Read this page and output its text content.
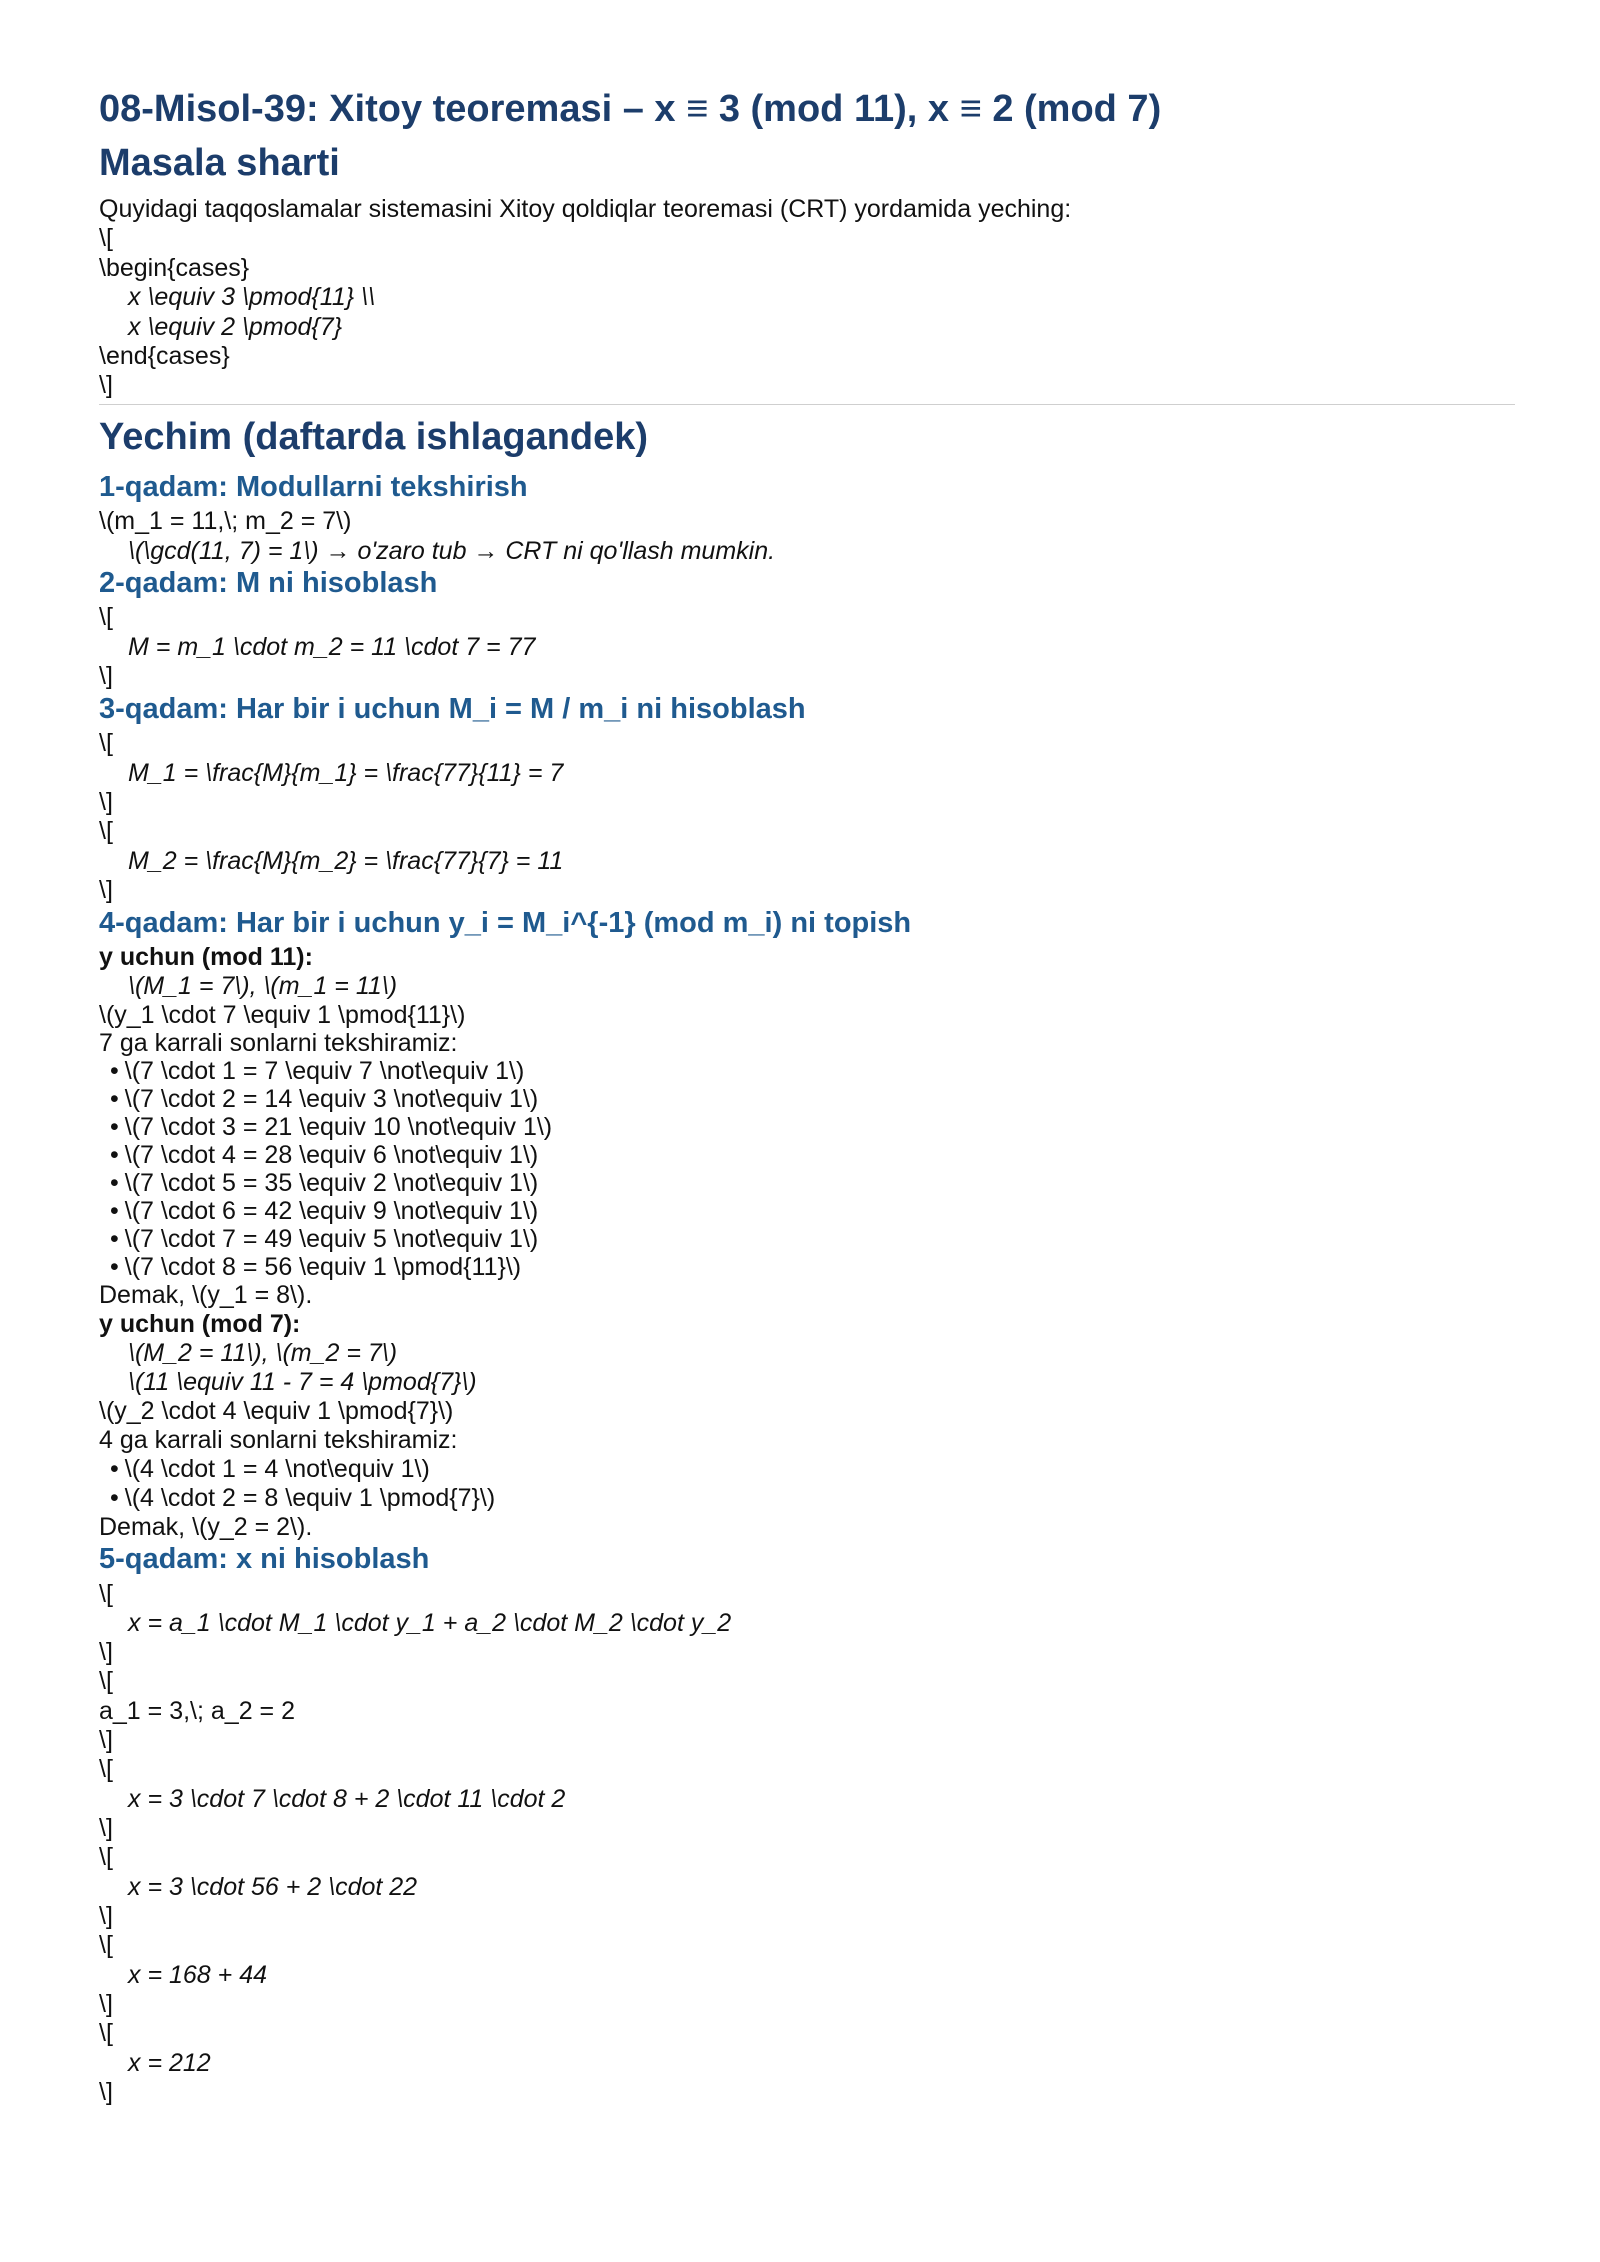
08-Misol-39: Xitoy teoremasi – x ≡ 3 (mod 11), x ≡ 2 (mod 7)
Masala sharti

Quyidagi taqqoslamalar sistemasini Xitoy qoldiqlar teoremasi (CRT) yordamida yeching:

\[

\begin{cases}

x \equiv 3 \pmod{11} \\

x \equiv 2 \pmod{7}

\end{cases}

\]

Yechim (daftarda ishlagandek)
1-qadam: Modullarni tekshirish

\(m_1 = 11,\; m_2 = 7\)

\(\gcd(11, 7) = 1\) → o'zaro tub → CRT ni qo'llash mumkin.

2-qadam: M ni hisoblash

\[

M = m_1 \cdot m_2 = 11 \cdot 7 = 77

\]

3-qadam: Har bir i uchun M_i = M / m_i ni hisoblash

\[

M_1 = \frac{M}{m_1} = \frac{77}{11} = 7

\]

\[

M_2 = \frac{M}{m_2} = \frac{77}{7} = 11

\]

4-qadam: Har bir i uchun y_i = M_i^{-1} (mod m_i) ni topish

y uchun (mod 11):

\(M_1 = 7\), \(m_1 = 11\)

\(y_1 \cdot 7 \equiv 1 \pmod{11}\)

7 ga karrali sonlarni tekshiramiz:

• \(7 \cdot 1 = 7 \equiv 7 \not\equiv 1\)

• \(7 \cdot 2 = 14 \equiv 3 \not\equiv 1\)

• \(7 \cdot 3 = 21 \equiv 10 \not\equiv 1\)

• \(7 \cdot 4 = 28 \equiv 6 \not\equiv 1\)

• \(7 \cdot 5 = 35 \equiv 2 \not\equiv 1\)

• \(7 \cdot 6 = 42 \equiv 9 \not\equiv 1\)

• \(7 \cdot 7 = 49 \equiv 5 \not\equiv 1\)

• \(7 \cdot 8 = 56 \equiv 1 \pmod{11}\)

Demak, \(y_1 = 8\).

y uchun (mod 7):

\(M_2 = 11\), \(m_2 = 7\)

\(11 \equiv 11 - 7 = 4 \pmod{7}\)

\(y_2 \cdot 4 \equiv 1 \pmod{7}\)

4 ga karrali sonlarni tekshiramiz:

• \(4 \cdot 1 = 4 \not\equiv 1\)

• \(4 \cdot 2 = 8 \equiv 1 \pmod{7}\)

Demak, \(y_2 = 2\).

5-qadam: x ni hisoblash

\[

x = a_1 \cdot M_1 \cdot y_1 + a_2 \cdot M_2 \cdot y_2

\]

\[

a_1 = 3,\; a_2 = 2

\]

\[

x = 3 \cdot 7 \cdot 8 + 2 \cdot 11 \cdot 2

\]

\[

x = 3 \cdot 56 + 2 \cdot 22

\]

\[

x = 168 + 44

\]

\[

x = 212

\]
